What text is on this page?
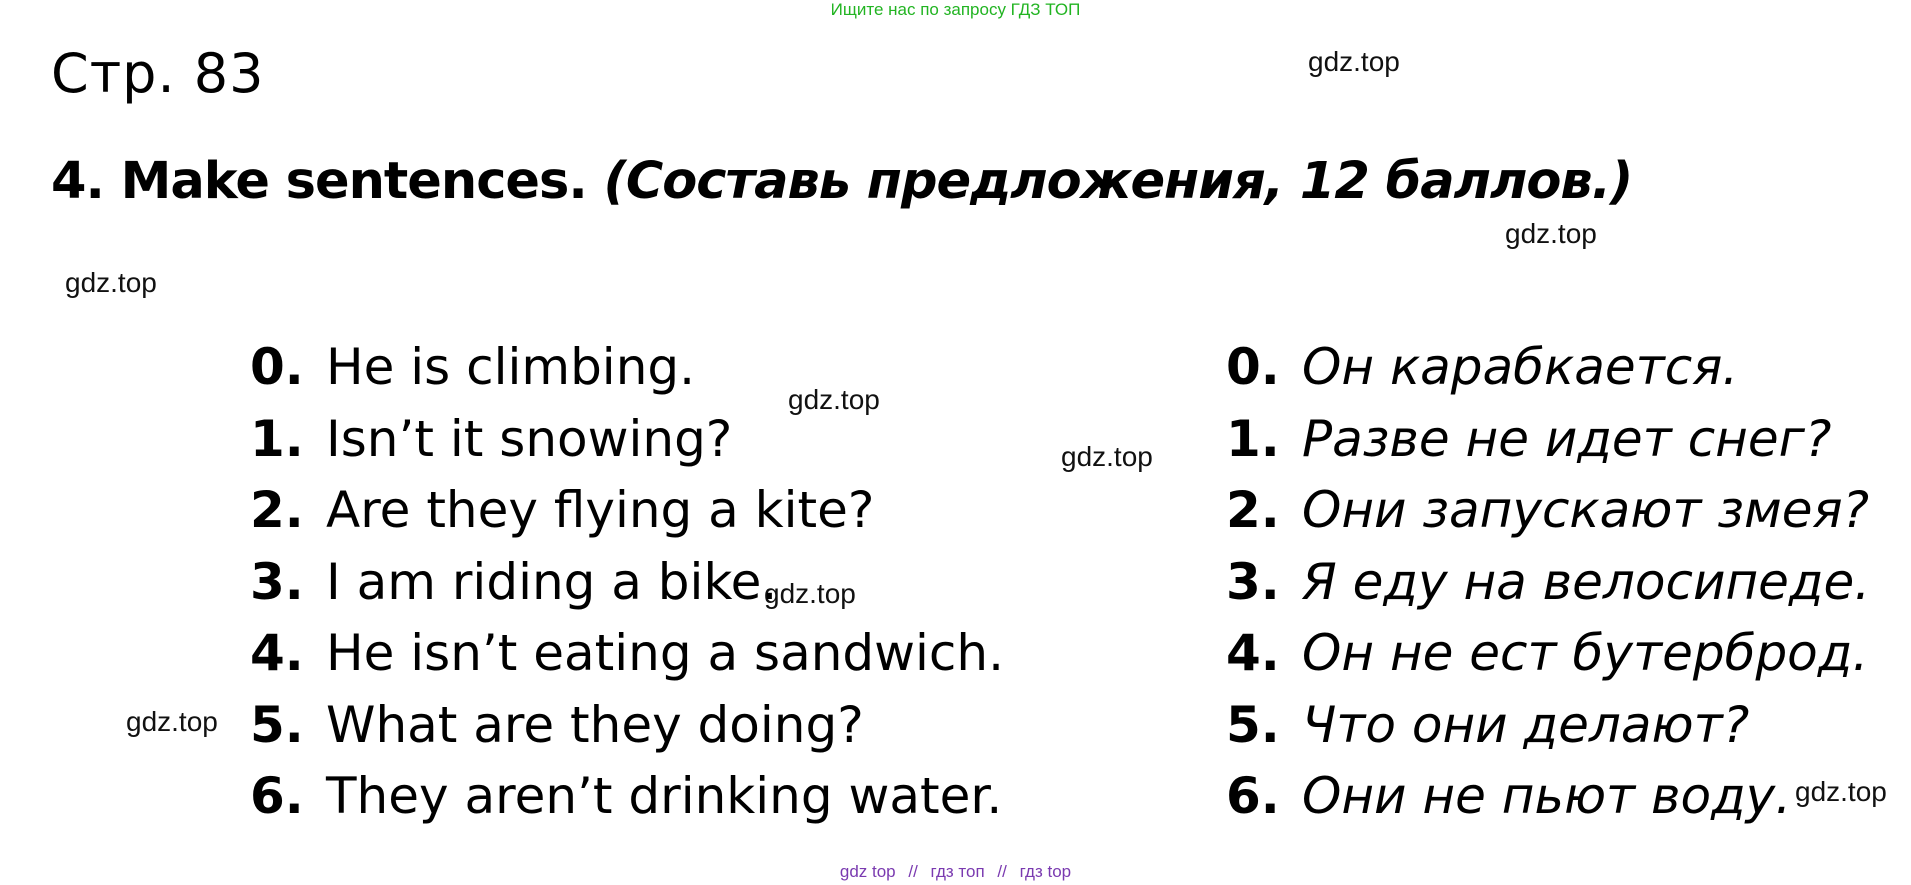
Ищите нас по запросу ГДЗ ТОП
Стр. 83
4. Make sentences. (Составь предложения, 12 баллов.)
gdz.top
gdz.top
gdz.top
gdz.top
gdz.top
gdz.top
gdz.top
gdz.top
0. He is climbing.
1. Isn’t it snowing?
2. Are they flying a kite?
3. I am riding a bike.
4. He isn’t eating a sandwich.
5. What are they doing?
6. They aren’t drinking water.
0. Он карабкается.
1. Разве не идет снег?
2. Они запускают змея?
3. Я еду на велосипеде.
4. Он не ест бутерброд.
5. Что они делают?
6. Они не пьют воду.
gdz top // гдз топ // гдз top
